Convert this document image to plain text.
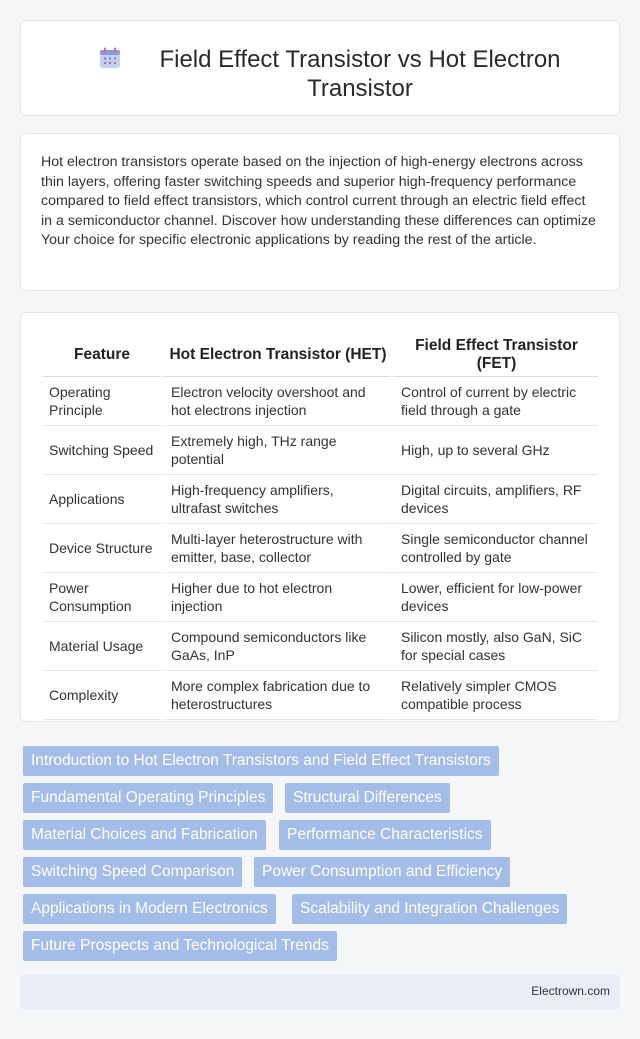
Field Effect Transistor vs Hot Electron Transistor

Hot electron transistors operate based on the injection of high-energy electrons across thin layers, offering faster switching speeds and superior high-frequency performance compared to field effect transistors, which control current through an electric field effect in a semiconductor channel. Discover how understanding these differences can optimize Your choice for specific electronic applications by reading the rest of the article.

Feature	Hot Electron Transistor (HET)	Field Effect Transistor (FET)
Operating Principle	Electron velocity overshoot and hot electrons injection	Control of current by electric field through a gate
Switching Speed	Extremely high, THz range potential	High, up to several GHz
Applications	High-frequency amplifiers, ultrafast switches	Digital circuits, amplifiers, RF devices
Device Structure	Multi-layer heterostructure with emitter, base, collector	Single semiconductor channel controlled by gate
Power Consumption	Higher due to hot electron injection	Lower, efficient for low-power devices
Material Usage	Compound semiconductors like GaAs, InP	Silicon mostly, also GaN, SiC for special cases
Complexity	More complex fabrication due to heterostructures	Relatively simpler CMOS compatible process
Introduction to Hot Electron Transistors and Field Effect Transistors
Fundamental Operating Principles	Structural Differences
Material Choices and Fabrication	Performance Characteristics
Switching Speed Comparison	Power Consumption and Efficiency
Applications in Modern Electronics	Scalability and Integration Challenges
Future Prospects and Technological Trends
Electrown.com
